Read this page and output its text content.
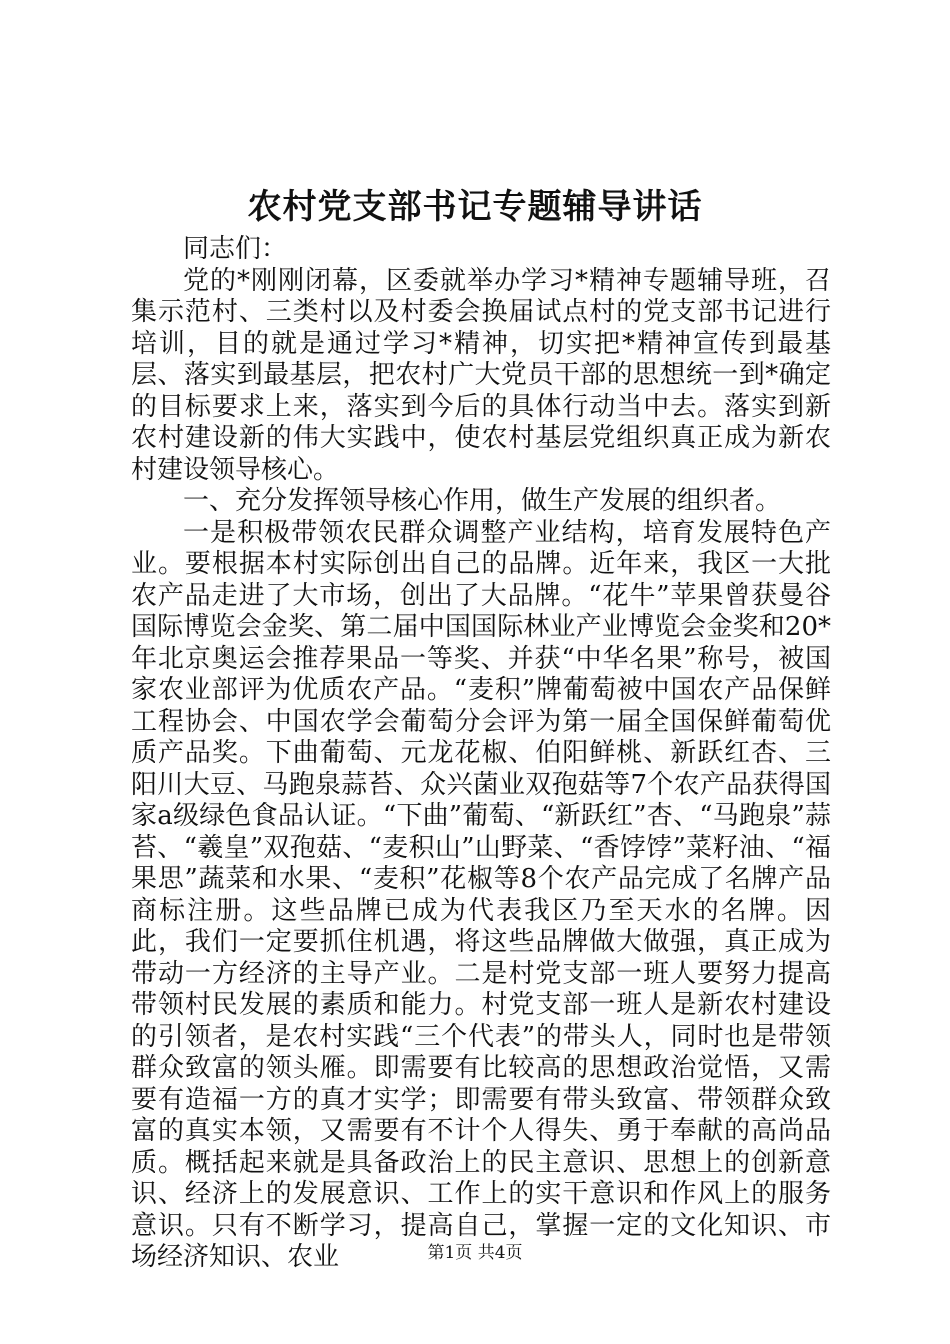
农村党支部书记专题辅导讲话

同志们：

党的*刚刚闭幕，区委就举办学习*精神专题辅导班，召集示范村、三类村以及村委会换届试点村的党支部书记进行培训，目的就是通过学习*精神，切实把*精神宣传到最基层、落实到最基层，把农村广大党员干部的思想统一到*确定的目标要求上来，落实到今后的具体行动当中去。落实到新农村建设新的伟大实践中，使农村基层党组织真正成为新农村建设领导核心。

一、充分发挥领导核心作用，做生产发展的组织者。

一是积极带领农民群众调整产业结构，培育发展特色产业。要根据本村实际创出自己的品牌。近年来，我区一大批农产品走进了大市场，创出了大品牌。“花牛”苹果曾获曼谷国际博览会金奖、第二届中国国际林业产业博览会金奖和20*年北京奥运会推荐果品一等奖、并获“中华名果”称号，被国家农业部评为优质农产品。“麦积”牌葡萄被中国农产品保鲜工程协会、中国农学会葡萄分会评为第一届全国保鲜葡萄优质产品奖。下曲葡萄、元龙花椒、伯阳鲜桃、新跃红杏、三阳川大豆、马跑泉蒜苔、众兴菌业双孢菇等7个农产品获得国家a级绿色食品认证。“下曲”葡萄、“新跃红”杏、“马跑泉”蒜苔、“羲皇”双孢菇、“麦积山”山野菜、“香饽饽”菜籽油、“福果思”蔬菜和水果、“麦积”花椒等8个农产品完成了名牌产品商标注册。这些品牌已成为代表我区乃至天水的名牌。因此，我们一定要抓住机遇，将这些品牌做大做强，真正成为带动一方经济的主导产业。二是村党支部一班人要努力提高带领村民发展的素质和能力。村党支部一班人是新农村建设的引领者，是农村实践“三个代表”的带头人，同时也是带领群众致富的领头雁。即需要有比较高的思想政治觉悟，又需要有造福一方的真才实学；即需要有带头致富、带领群众致富的真实本领，又需要有不计个人得失、勇于奉献的高尚品质。概括起来就是具备政治上的民主意识、思想上的创新意识、经济上的发展意识、工作上的实干意识和作风上的服务意识。只有不断学习，提高自己，掌握一定的文化知识、市场经济知识、农业	第1页 共4页
